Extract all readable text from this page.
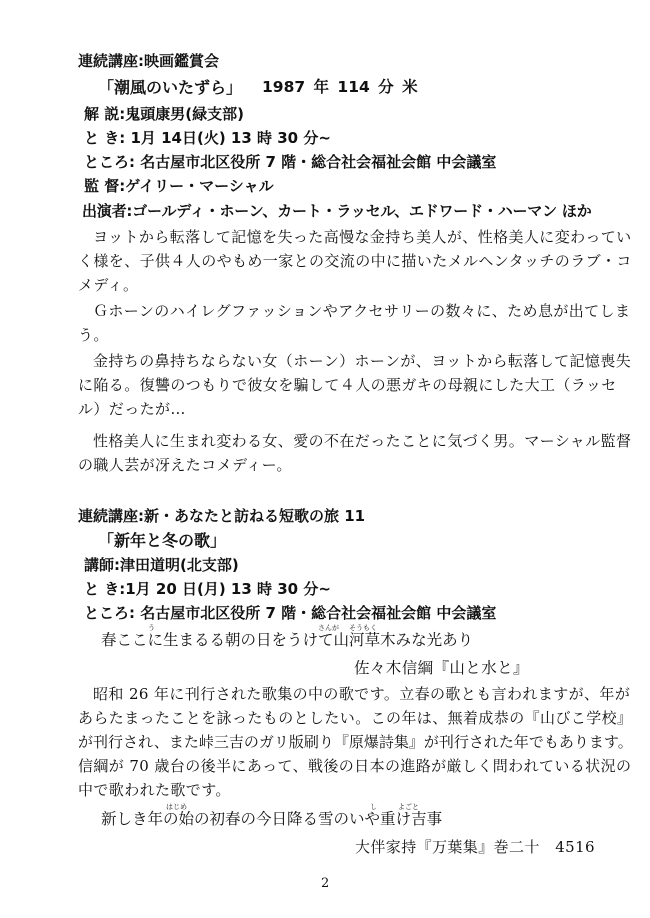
連続講座:映画鑑賞会
「潮風のいたずら」 1987 年 114 分 米
解 説:鬼頭康男(緑支部)
と き: 1月 14日(火) 13 時 30 分~
ところ: 名古屋市北区役所 7 階・総合社会福祉会館 中会議室
監 督:ゲイリー・マーシャル
出演者:ゴールディ・ホーン、カート・ラッセル、エドワード・ハーマン ほか
ヨットから転落して記憶を失った高慢な金持ち美人が、性格美人に変わってい
く様を、子供４人のやもめ一家との交流の中に描いたメルヘンタッチのラブ・コ
メディ。
Ｇホーンのハイレグファッションやアクセサリーの数々に、ため息が出てしま
う。
金持ちの鼻持ちならない女（ホーン）ホーンが、ヨットから転落して記憶喪失
に陥る。復讐のつもりで彼女を騙して４人の悪ガキの母親にした大工（ラッセ
ル）だったが…
性格美人に生まれ変わる女、愛の不在だったことに気づく男。マーシャル監督
の職人芸が冴えたコメディー。
連続講座:新・あなたと訪ねる短歌の旅 11
「新年と冬の歌」
講師:津田道明(北支部)
と き:1月 20 日(月) 13 時 30 分~
ところ: 名古屋市北区役所 7 階・総合社会福祉会館 中会議室
う	さんが そうもく
春ここに生まるる朝の日をうけて山河草木みな光あり
佐々木信綱『山と水と』
昭和 26 年に刊行された歌集の中の歌です。立春の歌とも言われますが、年が
あらたまったことを詠ったものとしたい。この年は、無着成恭の『山びこ学校』
が刊行され、また峠三吉のガリ版刷り『原爆詩集』が刊行された年でもあります。
信綱が 70 歳台の後半にあって、戦後の日本の進路が厳しく問われている状況の
中で歌われた歌です。
はじめ	し	よごと
新しき年の始の初春の今日降る雪のいや重け吉事
大伴家持『万葉集』巻二十　4516
2
